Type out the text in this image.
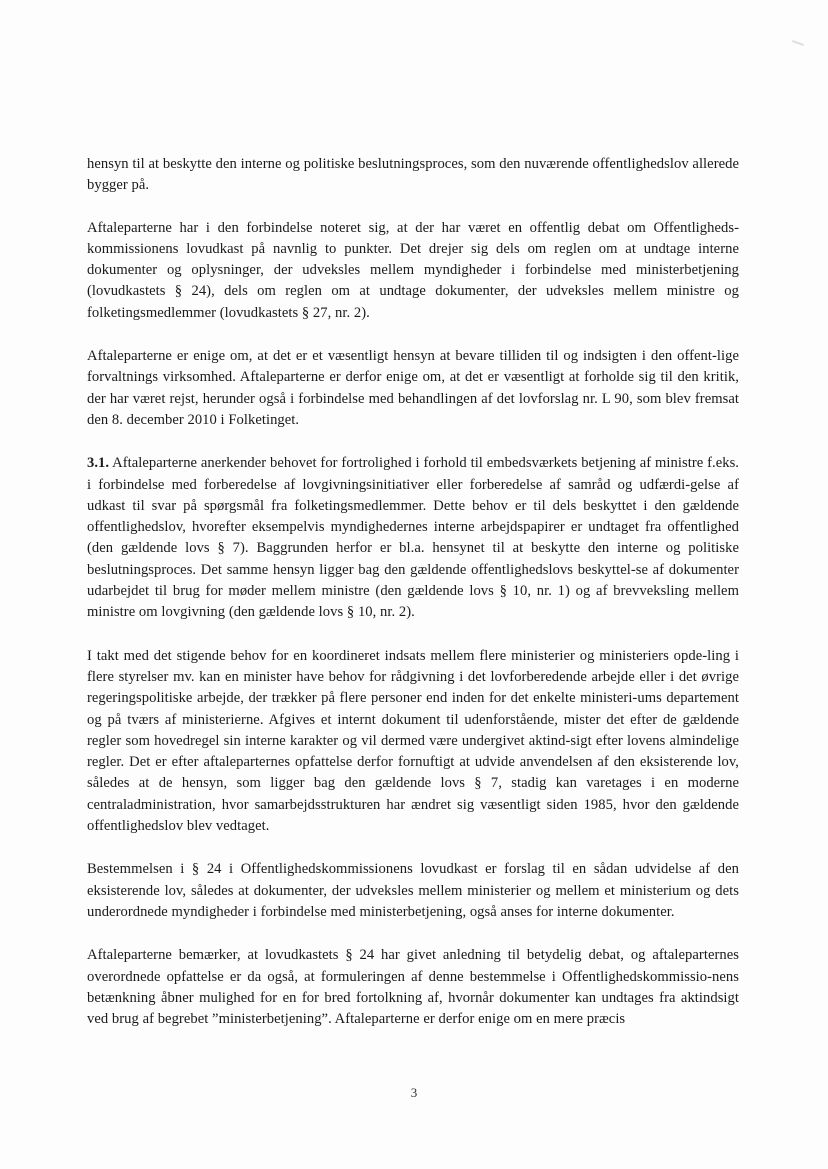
hensyn til at beskytte den interne og politiske beslutningsproces, som den nuværende offentlighedslov allerede bygger på.

Aftaleparterne har i den forbindelse noteret sig, at der har været en offentlig debat om Offentligheds-kommissionens lovudkast på navnlig to punkter. Det drejer sig dels om reglen om at undtage interne dokumenter og oplysninger, der udveksles mellem myndigheder i forbindelse med ministerbetjening (lovudkastets § 24), dels om reglen om at undtage dokumenter, der udveksles mellem ministre og folketingsmedlemmer (lovudkastets § 27, nr. 2).

Aftaleparterne er enige om, at det er et væsentligt hensyn at bevare tilliden til og indsigten i den offent-lige forvaltnings virksomhed. Aftaleparterne er derfor enige om, at det er væsentligt at forholde sig til den kritik, der har været rejst, herunder også i forbindelse med behandlingen af det lovforslag nr. L 90, som blev fremsat den 8. december 2010 i Folketinget.

3.1. Aftaleparterne anerkender behovet for fortrolighed i forhold til embedsværkets betjening af ministre f.eks. i forbindelse med forberedelse af lovgivningsinitiativer eller forberedelse af samråd og udfærdi-gelse af udkast til svar på spørgsmål fra folketingsmedlemmer. Dette behov er til dels beskyttet i den gældende offentlighedslov, hvorefter eksempelvis myndighedernes interne arbejdspapirer er undtaget fra offentlighed (den gældende lovs § 7). Baggrunden herfor er bl.a. hensynet til at beskytte den interne og politiske beslutningsproces. Det samme hensyn ligger bag den gældende offentlighedslovs beskyttel-se af dokumenter udarbejdet til brug for møder mellem ministre (den gældende lovs § 10, nr. 1) og af brevveksling mellem ministre om lovgivning (den gældende lovs § 10, nr. 2).

I takt med det stigende behov for en koordineret indsats mellem flere ministerier og ministeriers opde-ling i flere styrelser mv. kan en minister have behov for rådgivning i det lovforberedende arbejde eller i det øvrige regeringspolitiske arbejde, der trækker på flere personer end inden for det enkelte ministeri-ums departement og på tværs af ministerierne. Afgives et internt dokument til udenforstående, mister det efter de gældende regler som hovedregel sin interne karakter og vil dermed være undergivet aktind-sigt efter lovens almindelige regler. Det er efter aftaleparternes opfattelse derfor fornuftigt at udvide anvendelsen af den eksisterende lov, således at de hensyn, som ligger bag den gældende lovs § 7, stadig kan varetages i en moderne centraladministration, hvor samarbejdsstrukturen har ændret sig væsentligt siden 1985, hvor den gældende offentlighedslov blev vedtaget.

Bestemmelsen i § 24 i Offentlighedskommissionens lovudkast er forslag til en sådan udvidelse af den eksisterende lov, således at dokumenter, der udveksles mellem ministerier og mellem et ministerium og dets underordnede myndigheder i forbindelse med ministerbetjening, også anses for interne dokumenter.

Aftaleparterne bemærker, at lovudkastets § 24 har givet anledning til betydelig debat, og aftaleparternes overordnede opfattelse er da også, at formuleringen af denne bestemmelse i Offentlighedskommissio-nens betænkning åbner mulighed for en for bred fortolkning af, hvornår dokumenter kan undtages fra aktindsigt ved brug af begrebet ”ministerbetjening”. Aftaleparterne er derfor enige om en mere præcis

3
